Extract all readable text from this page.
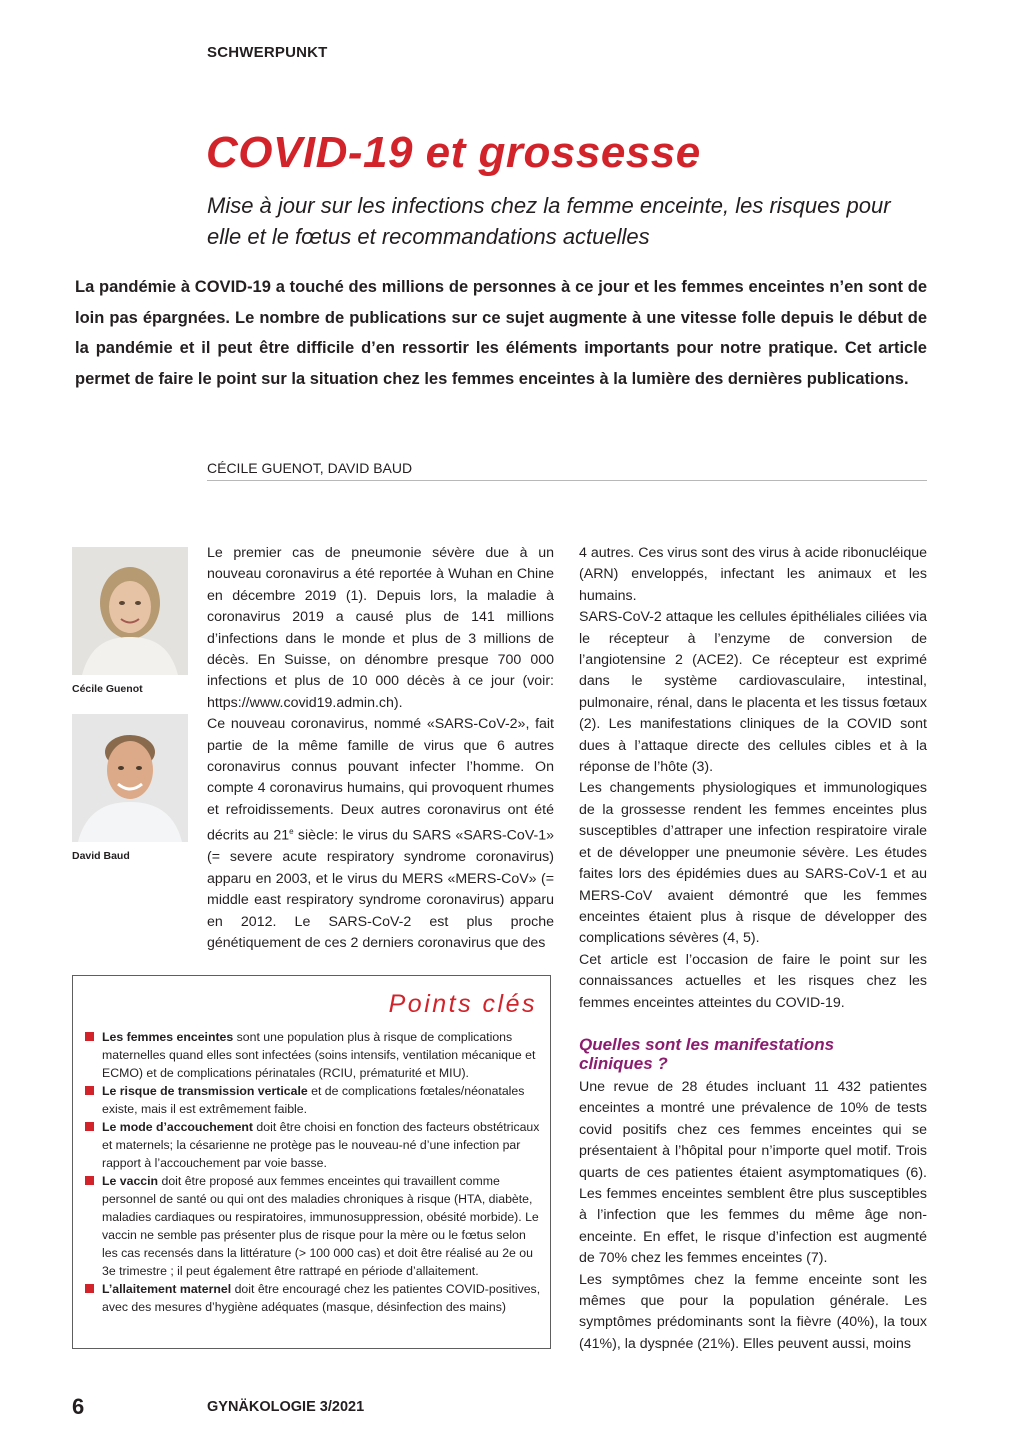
SCHWERPUNKT
COVID-19 et grossesse
Mise à jour sur les infections chez la femme enceinte, les risques pour elle et le fœtus et recommandations actuelles
La pandémie à COVID-19 a touché des millions de personnes à ce jour et les femmes enceintes n’en sont de loin pas épargnées. Le nombre de publications sur ce sujet augmente à une vitesse folle depuis le début de la pandémie et il peut être difficile d’en ressortir les éléments importants pour notre pratique. Cet article permet de faire le point sur la situation chez les femmes enceintes à la lumière des dernières publications.
CÉCILE GUENOT, DAVID BAUD
Cécile Guenot
David Baud

Le premier cas de pneumonie sévère due à un nouveau coronavirus a été reportée à Wuhan en Chine en décembre 2019 (1). Depuis lors, la maladie à coronavirus 2019 a causé plus de 141 millions d’infections dans le monde et plus de 3 millions de décès. En Suisse, on dénombre presque 700 000 infections et plus de 10 000 décès à ce jour (voir: https://www.covid19.admin.ch).

Ce nouveau coronavirus, nommé «SARS-CoV-2», fait partie de la même famille de virus que 6 autres coronavirus connus pouvant infecter l’homme. On compte 4 coronavirus humains, qui provoquent rhumes et refroidissements. Deux autres coronavirus ont été décrits au 21e siècle: le virus du SARS «SARS-CoV-1» (= severe acute respiratory syndrome coronavirus) apparu en 2003, et le virus du MERS «MERS-CoV» (= middle east respiratory syndrome coronavirus) apparu en 2012. Le SARS-CoV-2 est plus proche génétiquement de ces 2 derniers coronavirus que des

Points clés
Les femmes enceintes sont une population plus à risque de complications maternelles quand elles sont infectées (soins intensifs, ventilation mécanique et ECMO) et de complications périnatales (RCIU, prématurité et MIU).
Le risque de transmission verticale et de complications fœtales/néonatales existe, mais il est extrêmement faible.
Le mode d’accouchement doit être choisi en fonction des facteurs obstétricaux et maternels; la césarienne ne protège pas le nouveau-né d’une infection par rapport à l’accouchement par voie basse.
Le vaccin doit être proposé aux femmes enceintes qui travaillent comme personnel de santé ou qui ont des maladies chroniques à risque (HTA, diabète, maladies cardiaques ou respiratoires, immunosuppression, obésité morbide). Le vaccin ne semble pas présenter plus de risque pour la mère ou le fœtus selon les cas recensés dans la littérature (> 100 000 cas) et doit être réalisé au 2e ou 3e trimestre ; il peut également être rattrapé en période d’allaitement.
L’allaitement maternel doit être encouragé chez les patientes COVID-positives, avec des mesures d’hygiène adéquates (masque, désinfection des mains)

4 autres. Ces virus sont des virus à acide ribonucléique (ARN) enveloppés, infectant les animaux et les humains.

SARS-CoV-2 attaque les cellules épithéliales ciliées via le récepteur à l’enzyme de conversion de l’angiotensine 2 (ACE2). Ce récepteur est exprimé dans le système cardiovasculaire, intestinal, pulmonaire, rénal, dans le placenta et les tissus fœtaux (2). Les manifestations cliniques de la COVID sont dues à l’attaque directe des cellules cibles et à la réponse de l’hôte (3).

Les changements physiologiques et immunologiques de la grossesse rendent les femmes enceintes plus susceptibles d’attraper une infection respiratoire virale et de développer une pneumonie sévère. Les études faites lors des épidémies dues au SARS-CoV-1 et au MERS-CoV avaient démontré que les femmes enceintes étaient plus à risque de développer des complications sévères (4, 5).

Cet article est l’occasion de faire le point sur les connaissances actuelles et les risques chez les femmes enceintes atteintes du COVID-19.

Quelles sont les manifestations cliniques ?

Une revue de 28 études incluant 11 432 patientes enceintes a montré une prévalence de 10% de tests covid positifs chez ces femmes enceintes qui se présentaient à l’hôpital pour n’importe quel motif. Trois quarts de ces patientes étaient asymptomatiques (6). Les femmes enceintes semblent être plus susceptibles à l’infection que les femmes du même âge non-enceinte. En effet, le risque d’infection est augmenté de 70% chez les femmes enceintes (7).

Les symptômes chez la femme enceinte sont les mêmes que pour la population générale. Les symptômes prédominants sont la fièvre (40%), la toux (41%), la dyspnée (21%). Elles peuvent aussi, moins

6	GYNÄKOLOGIE 3/2021
